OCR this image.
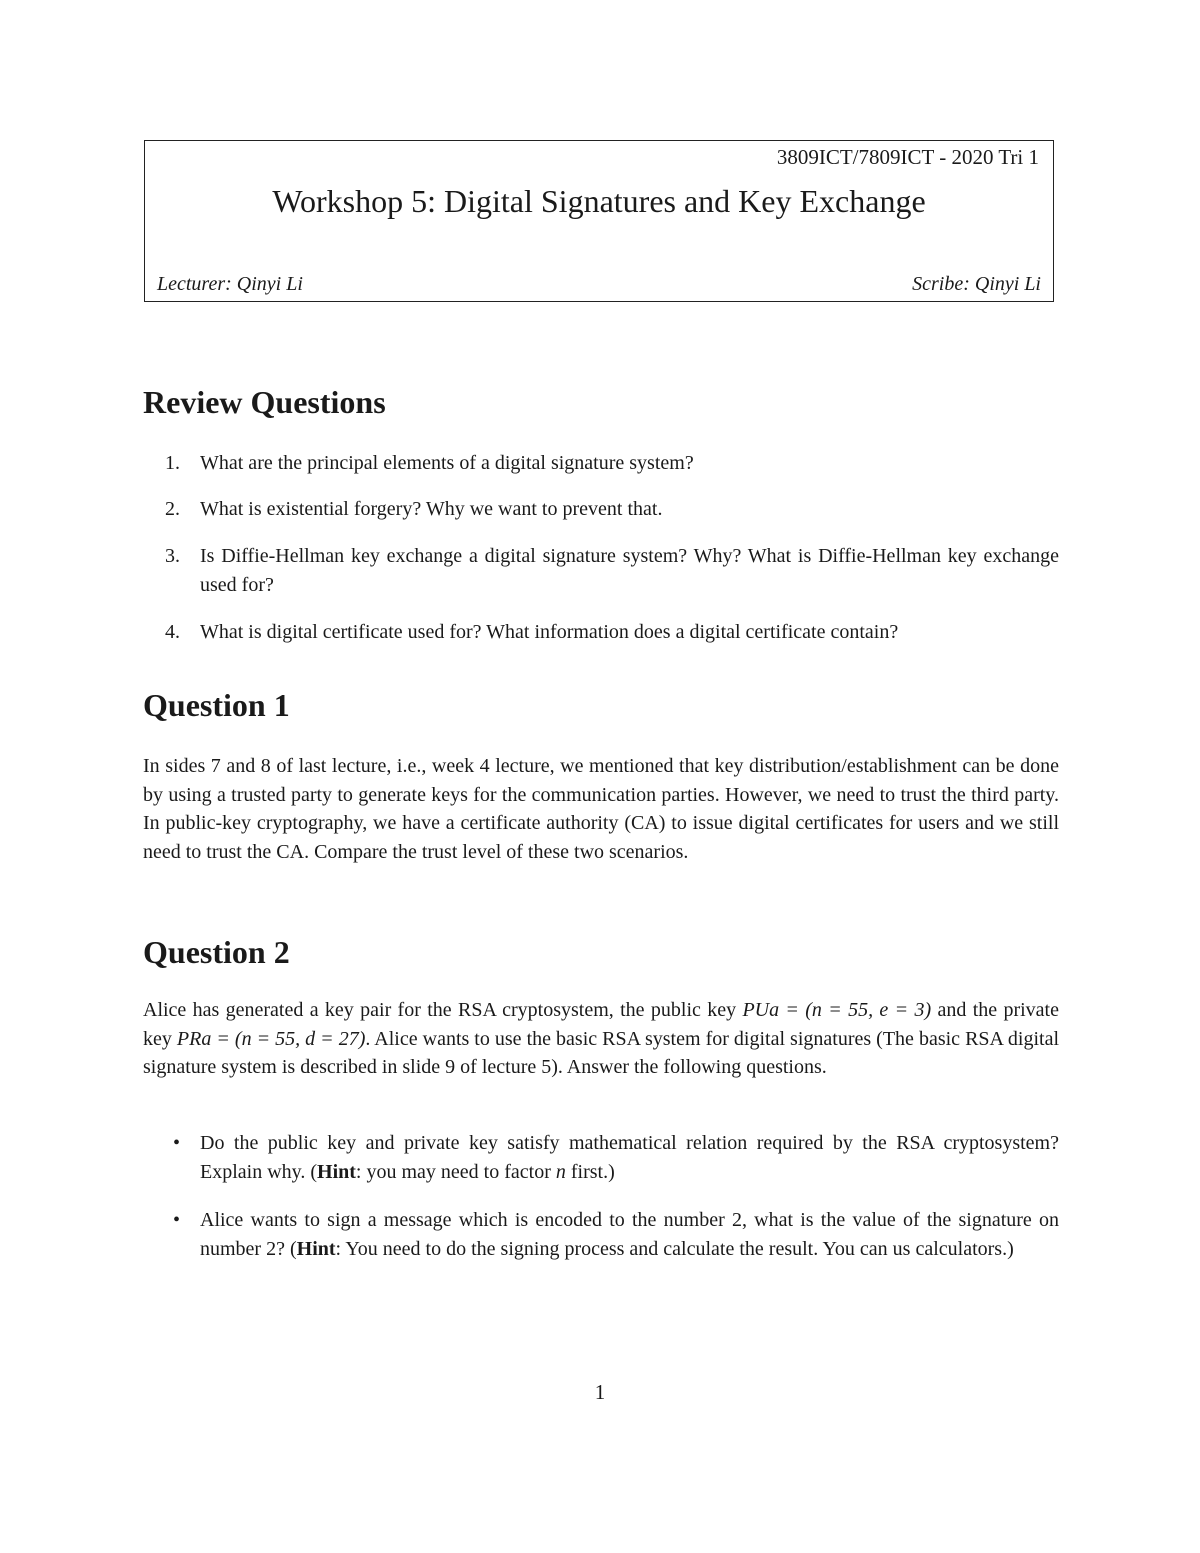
3809ICT/7809ICT - 2020 Tri 1
Workshop 5: Digital Signatures and Key Exchange
Lecturer: Qinyi Li	Scribe: Qinyi Li
Review Questions
1.	What are the principal elements of a digital signature system?
2.	What is existential forgery? Why we want to prevent that.
3.	Is Diffie-Hellman key exchange a digital signature system? Why? What is Diffie-Hellman key exchange used for?
4.	What is digital certificate used for? What information does a digital certificate contain?
Question 1

In sides 7 and 8 of last lecture, i.e., week 4 lecture, we mentioned that key distribution/establishment can be done by using a trusted party to generate keys for the communication parties. However, we need to trust the third party. In public-key cryptography, we have a certificate authority (CA) to issue digital certificates for users and we still need to trust the CA. Compare the trust level of these two scenarios.

Question 2

Alice has generated a key pair for the RSA cryptosystem, the public key PUa = (n = 55, e = 3) and the private key PRa = (n = 55, d = 27). Alice wants to use the basic RSA system for digital signatures (The basic RSA digital signature system is described in slide 9 of lecture 5). Answer the following questions.

• Do the public key and private key satisfy mathematical relation required by the RSA cryptosystem? Explain why. (Hint: you may need to factor n first.)
• Alice wants to sign a message which is encoded to the number 2, what is the value of the signature on number 2? (Hint: You need to do the signing process and calculate the result. You can us calculators.)
1
